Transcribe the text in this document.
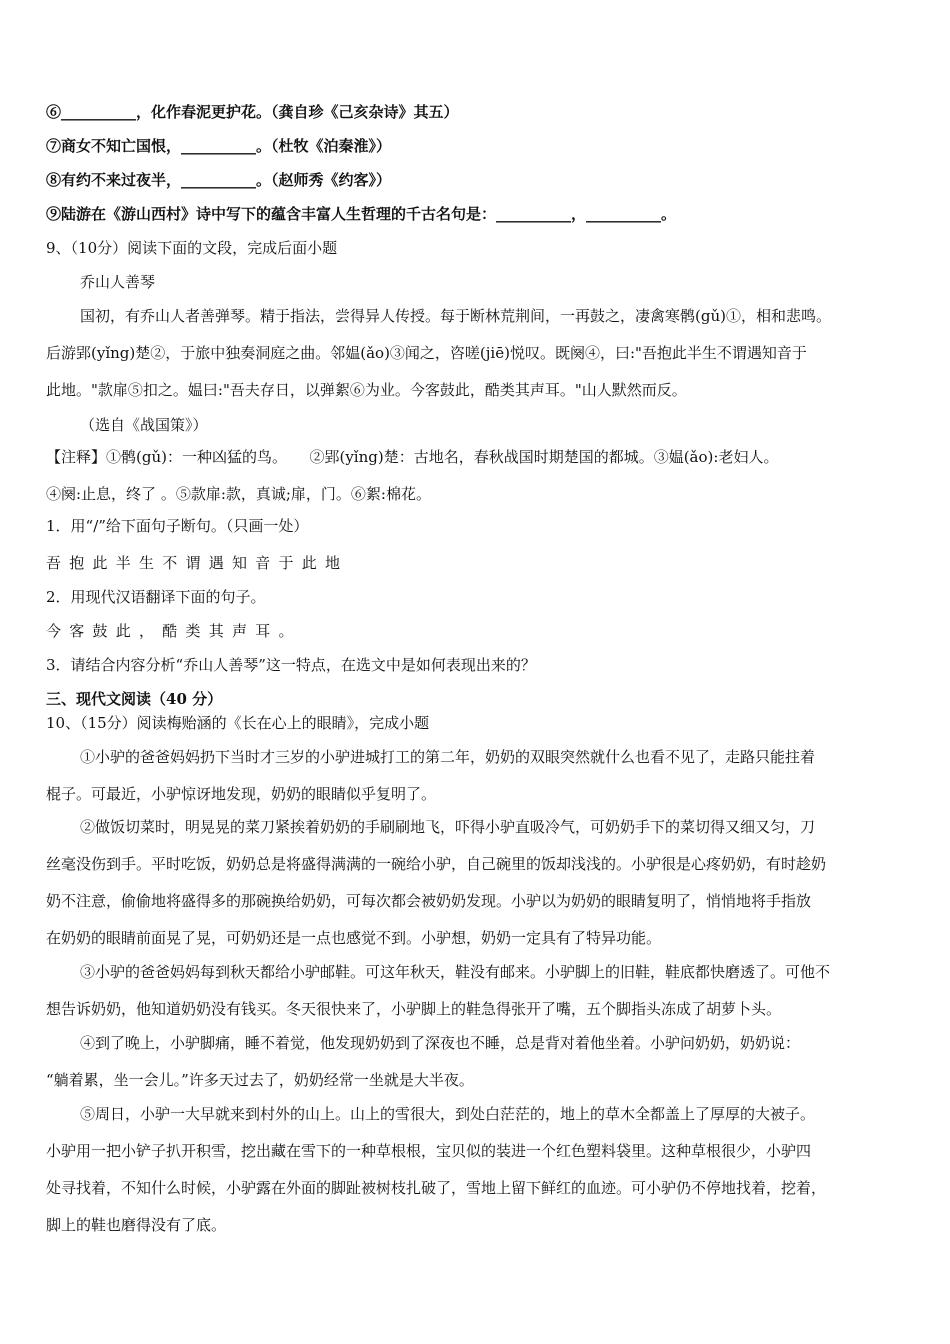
⑥__________，化作春泥更护花。（龚自珍《己亥杂诗》其五）
⑦商女不知亡国恨，__________。（杜牧《泊秦淮》）
⑧有约不来过夜半，__________。（赵师秀《约客》）
⑨陆游在《游山西村》诗中写下的蕴含丰富人生哲理的千古名句是：__________，__________。
9、（10分）阅读下面的文段，完成后面小题
乔山人善琴
国初，有乔山人者善弹琴。精于指法，尝得异人传授。每于断林荒荆间，一再鼓之，凄禽寒鹘(gǔ)①，相和悲鸣。
后游郢(yǐng)楚②，于旅中独奏洞庭之曲。邻媪(ǎo)③闻之，咨嗟(jiē)悦叹。既阕④，曰:"吾抱此半生不谓遇知音于
此地。"款扉⑤扣之。媪曰:"吾夫存日，以弹絮⑥为业。今客鼓此，酷类其声耳。"山人默然而反。
（选自《战国策》）
【注释】①鹘(gǔ)：一种凶猛的鸟。　　②郢(yǐng)楚：古地名，春秋战国时期楚国的都城。③媪(ǎo):老妇人。
④阕:止息，终了 。⑤款扉:款，真诚;扉，门。⑥絮:棉花。
1．用“/”给下面句子断句。（只画一处）
吾抱此半生不谓遇知音于此地
2．用现代汉语翻译下面的句子。
今客鼓此，酷类其声耳。
3．请结合内容分析“乔山人善琴”这一特点，在选文中是如何表现出来的？
三、现代文阅读（40 分）
10、（15分）阅读梅贻涵的《长在心上的眼睛》，完成小题
①小驴的爸爸妈妈扔下当时才三岁的小驴进城打工的第二年，奶奶的双眼突然就什么也看不见了，走路只能拄着
棍子。可最近，小驴惊讶地发现，奶奶的眼睛似乎复明了。
②做饭切菜时，明晃晃的菜刀紧挨着奶奶的手刷刷地飞，吓得小驴直吸冷气，可奶奶手下的菜切得又细又匀，刀
丝毫没伤到手。平时吃饭，奶奶总是将盛得满满的一碗给小驴，自己碗里的饭却浅浅的。小驴很是心疼奶奶，有时趁奶
奶不注意，偷偷地将盛得多的那碗换给奶奶，可每次都会被奶奶发现。小驴以为奶奶的眼睛复明了，悄悄地将手指放
在奶奶的眼睛前面晃了晃，可奶奶还是一点也感觉不到。小驴想，奶奶一定具有了特异功能。
③小驴的爸爸妈妈每到秋天都给小驴邮鞋。可这年秋天，鞋没有邮来。小驴脚上的旧鞋，鞋底都快磨透了。可他不
想告诉奶奶，他知道奶奶没有钱买。冬天很快来了，小驴脚上的鞋急得张开了嘴，五个脚指头冻成了胡萝卜头。
④到了晚上，小驴脚痛，睡不着觉，他发现奶奶到了深夜也不睡，总是背对着他坐着。小驴问奶奶，奶奶说：
“躺着累，坐一会儿。”许多天过去了，奶奶经常一坐就是大半夜。
⑤周日，小驴一大早就来到村外的山上。山上的雪很大，到处白茫茫的，地上的草木全都盖上了厚厚的大被子。
小驴用一把小铲子扒开积雪，挖出藏在雪下的一种草根根，宝贝似的装进一个红色塑料袋里。这种草根很少，小驴四
处寻找着，不知什么时候，小驴露在外面的脚趾被树枝扎破了，雪地上留下鲜红的血迹。可小驴仍不停地找着，挖着，
脚上的鞋也磨得没有了底。
